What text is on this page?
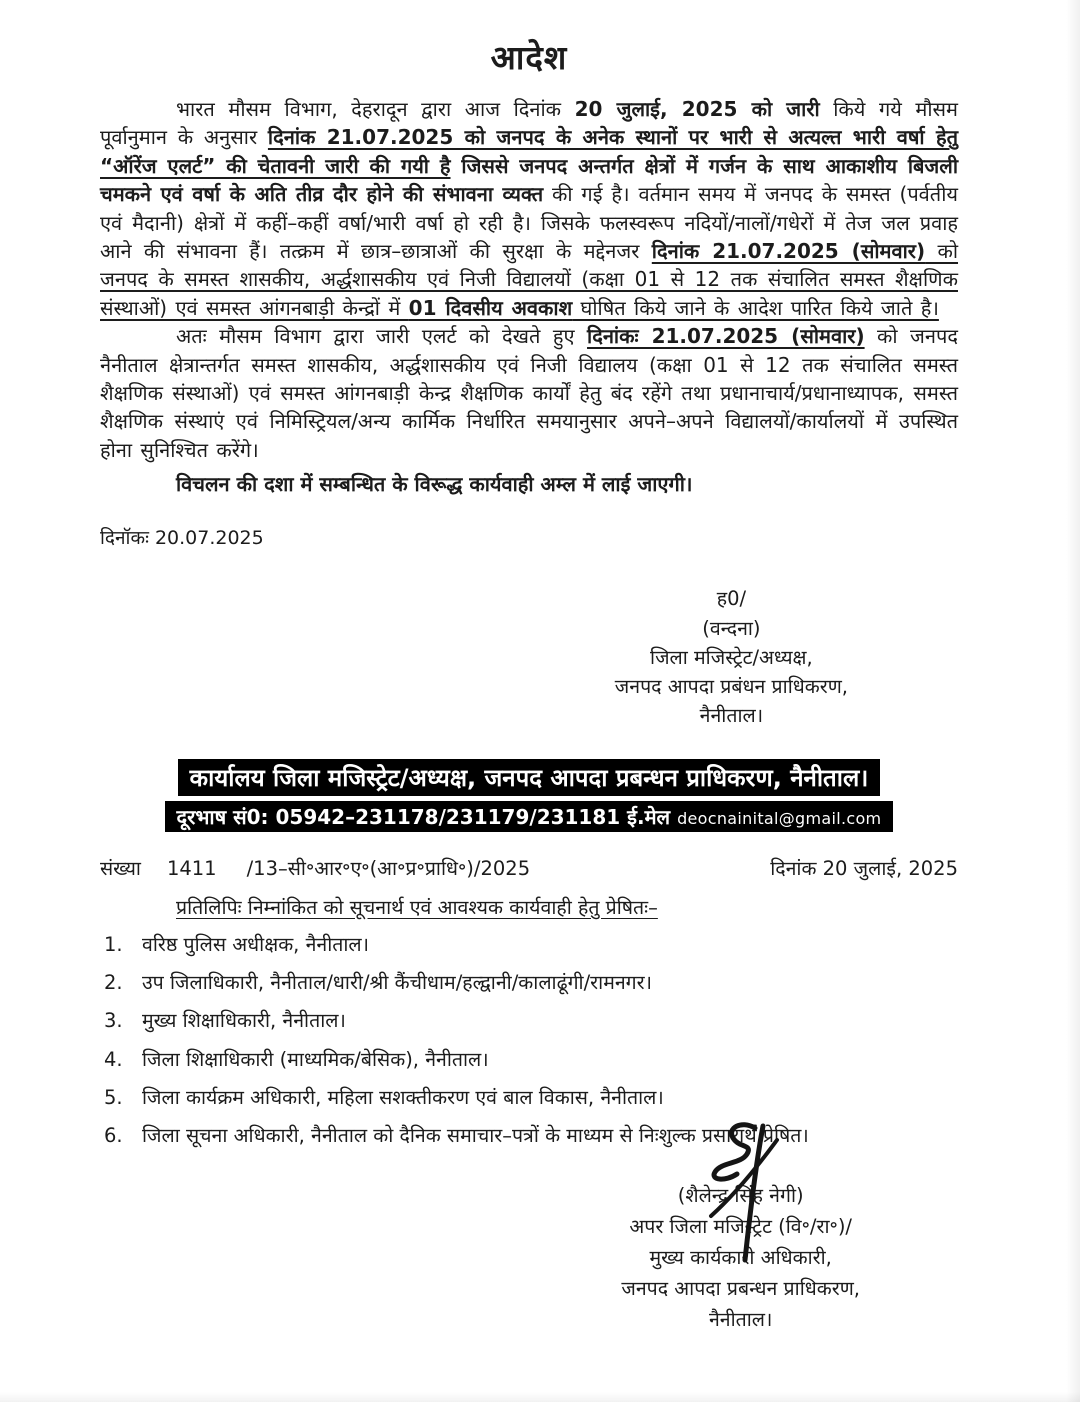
आदेश

भारत मौसम विभाग, देहरादून द्वारा आज दिनांक 20 जुलाई, 2025 को जारी किये गये मौसम पूर्वानुमान के अनुसार दिनांक 21.07.2025 को जनपद के अनेक स्थानों पर भारी से अत्यल्त भारी वर्षा हेतु “ऑरेंज एलर्ट” की चेतावनी जारी की गयी है जिससे जनपद अन्तर्गत क्षेत्रों में गर्जन के साथ आकाशीय बिजली चमकने एवं वर्षा के अति तीव्र दौर होने की संभावना व्यक्त की गई है। वर्तमान समय में जनपद के समस्त (पर्वतीय एवं मैदानी) क्षेत्रों में कहीं–कहीं वर्षा/भारी वर्षा हो रही है। जिसके फलस्वरूप नदियों/नालों/गधेरों में तेज जल प्रवाह आने की संभावना हैं। तत्क्रम में छात्र–छात्राओं की सुरक्षा के मद्देनजर दिनांक 21.07.2025 (सोमवार) को जनपद के समस्त शासकीय, अर्द्धशासकीय एवं निजी विद्यालयों (कक्षा 01 से 12 तक संचालित समस्त शैक्षणिक संस्थाओं) एवं समस्त आंगनबाड़ी केन्द्रों में 01 दिवसीय अवकाश घोषित किये जाने के आदेश पारित किये जाते है।

अतः मौसम विभाग द्वारा जारी एलर्ट को देखते हुए दिनांकः 21.07.2025 (सोमवार) को जनपद नैनीताल क्षेत्रान्तर्गत समस्त शासकीय, अर्द्धशासकीय एवं निजी विद्यालय (कक्षा 01 से 12 तक संचालित समस्त शैक्षणिक संस्थाओं) एवं समस्त आंगनबाड़ी केन्द्र शैक्षणिक कार्यों हेतु बंद रहेंगे तथा प्रधानाचार्य/प्रधानाध्यापक, समस्त शैक्षणिक संस्थाएं एवं निमिस्ट्रियल/अन्य कार्मिक निर्धारित समयानुसार अपने–अपने विद्यालयों/कार्यालयों में उपस्थित होना सुनिश्चित करेंगे।

विचलन की दशा में सम्बन्धित के विरूद्ध कार्यवाही अम्ल में लाई जाएगी।

दिनॉकः 20.07.2025
ह0/
(वन्दना)
जिला मजिस्ट्रेट/अध्यक्ष,
जनपद आपदा प्रबंधन प्राधिकरण,
नैनीताल।
कार्यालय जिला मजिस्ट्रेट/अध्यक्ष, जनपद आपदा प्रबन्धन प्राधिकरण, नैनीताल।
दूरभाष सं0: 05942–231178/231179/231181 ई.मेल deocnainital@gmail.com
संख्या 1411 /13–सी॰आर॰ए॰(आ॰प्र॰प्राधि॰)/2025	दिनांक 20 जुलाई, 2025
प्रतिलिपिः निम्नांकित को सूचनार्थ एवं आवश्यक कार्यवाही हेतु प्रेषितः–
1. वरिष्ठ पुलिस अधीक्षक, नैनीताल।
2. उप जिलाधिकारी, नैनीताल/धारी/श्री कैंचीधाम/हल्द्वानी/कालाढूंगी/रामनगर।
3. मुख्य शिक्षाधिकारी, नैनीताल।
4. जिला शिक्षाधिकारी (माध्यमिक/बेसिक), नैनीताल।
5. जिला कार्यक्रम अधिकारी, महिला सशक्तीकरण एवं बाल विकास, नैनीताल।
6. जिला सूचना अधिकारी, नैनीताल को दैनिक समाचार–पत्रों के माध्यम से निःशुल्क प्रसारार्थ प्रेषित।
(शैलेन्द्र सिंह नेगी)
अपर जिला मजिस्ट्रेट (वि॰/रा॰)/
मुख्य कार्यकारी अधिकारी,
जनपद आपदा प्रबन्धन प्राधिकरण,
नैनीताल।
